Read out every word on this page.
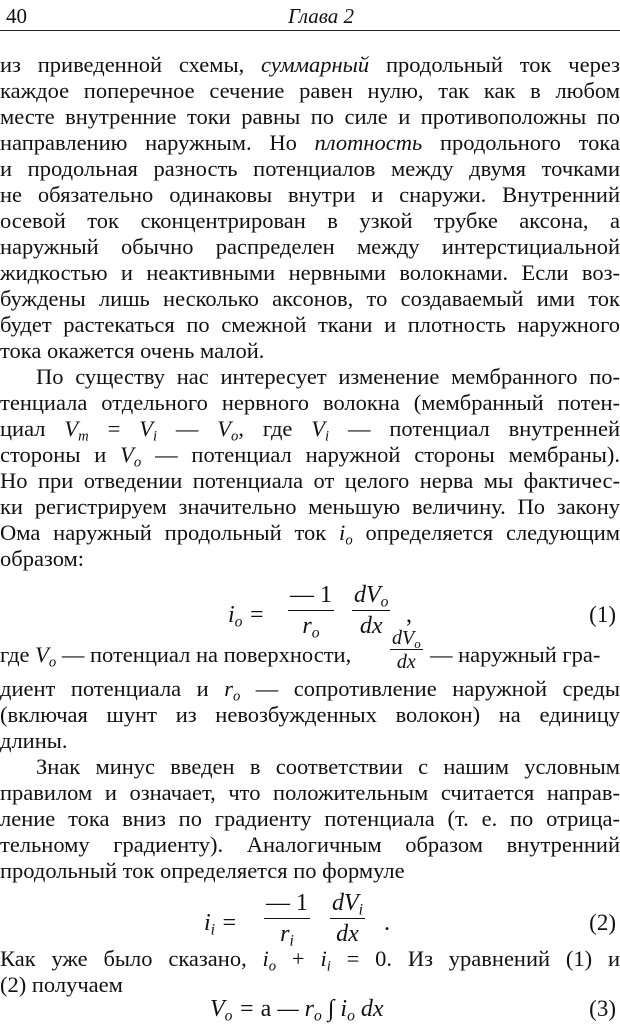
40	Глава 2
из приведенной схемы, суммарный продольный ток через
каждое поперечное сечение равен нулю, так как в любом
месте внутренние токи равны по силе и противоположны по
направлению наружным. Но плотность продольного тока
и продольная разность потенциалов между двумя точками
не обязательно одинаковы внутри и снаружи. Внутренний
осевой ток сконцентрирован в узкой трубке аксона, а
наружный обычно распределен между интерстициальной
жидкостью и неактивными нервными волокнами. Если воз-
буждены лишь несколько аксонов, то создаваемый ими ток
будет растекаться по смежной ткани и плотность наружного
тока окажется очень малой.
По существу нас интересует изменение мембранного по-
тенциала отдельного нервного волокна (мембранный потен-
циал $V_m = V_i$ — $V_o$, где $V_i$ — потенциал внутренней
стороны и $V_o$ — потенциал наружной стороны мембраны).
Но при отведении потенциала от целого нерва мы фактичес-
ки регистрируем значительно меньшую величину. По закону
Ома наружный продольный ток $i_o$ определяется следующим
образом:
$i_o$ =
— 1
$r_o$
$dV_o$
dx ,	(1)
где $V_o$ — потенциал на поверхности,
$dV_o$
dx — наружный гра-
диент потенциала и $r_o$ — сопротивление наружной среды
(включая шунт из невозбужденных волокон) на единицу
длины.
Знак минус введен в соответствии с нашим условным
правилом и означает, что положительным считается направ-
ление тока вниз по градиенту потенциала (т. е. по отрица-
тельному градиенту). Аналогичным образом внутренний
продольный ток определяется по формуле
$i_i$ =
— 1
$r_i$
$dV_i$
dx .	(2)
Как уже было сказано, $i_o + i_i = 0$. Из уравнений (1) и
(2) получаем
$V_o = a$ — $r_o$ ∫ $i_o$ dx	(3)
